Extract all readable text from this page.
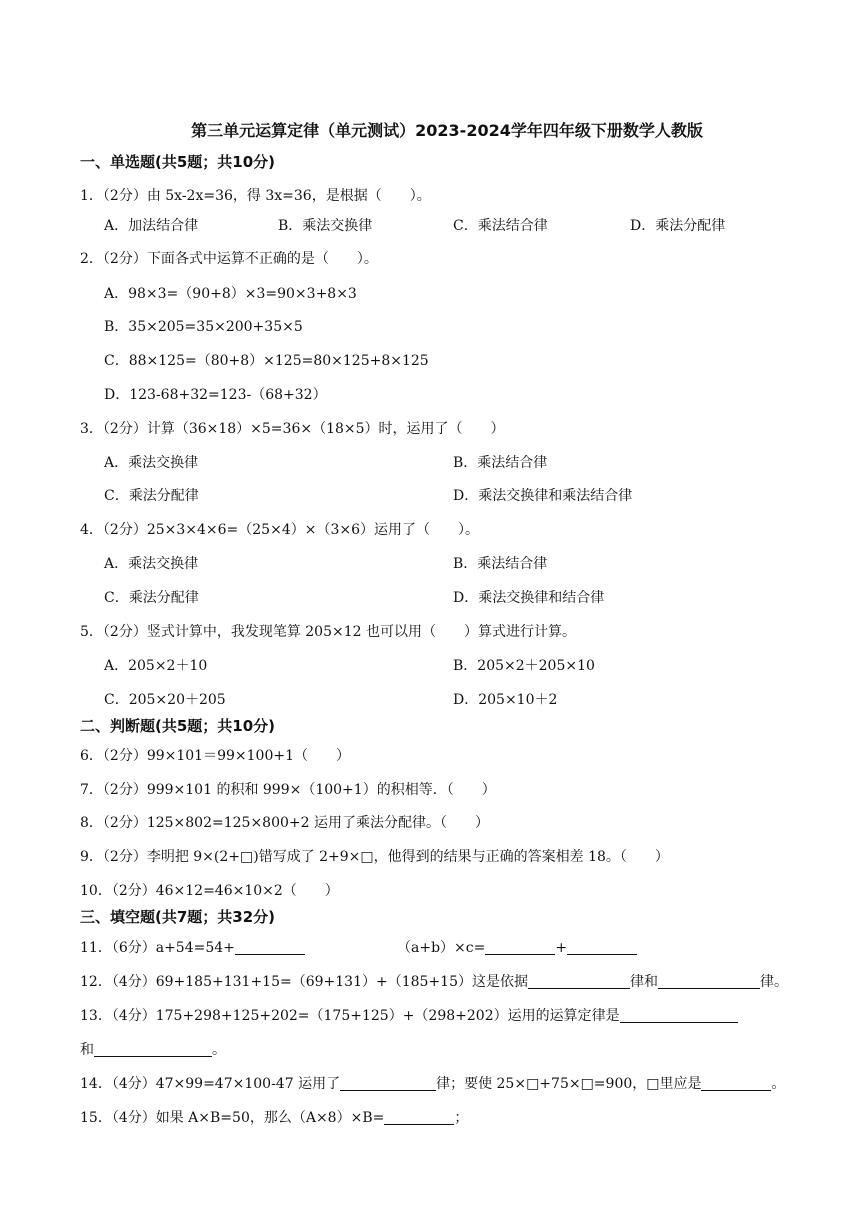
第三单元运算定律（单元测试）2023-2024学年四年级下册数学人教版
一、单选题(共5题；共10分)
1．（2分）由 5x-2x=36，得 3x=36，是根据（　　）。
A．加法结合律	B．乘法交换律	C．乘法结合律	D．乘法分配律
2．（2分）下面各式中运算不正确的是（　　）。
A．98×3=（90+8）×3=90×3+8×3
B．35×205=35×200+35×5
C．88×125=（80+8）×125=80×125+8×125
D．123-68+32=123-（68+32）
3．（2分）计算（36×18）×5=36×（18×5）时，运用了（　　）
A．乘法交换律	B．乘法结合律
C．乘法分配律	D．乘法交换律和乘法结合律
4．（2分）25×3×4×6=（25×4）×（3×6）运用了（　　）。
A．乘法交换律	B．乘法结合律
C．乘法分配律	D．乘法交换律和结合律
5．（2分）竖式计算中，我发现笔算 205×12 也可以用（　　）算式进行计算。
A．205×2＋10	B．205×2＋205×10
C．205×20＋205	D．205×10＋2
二、判断题(共5题；共10分)
6．（2分）99×101＝99×100+1（　　）
7．（2分）999×101 的积和 999×（100+1）的积相等．（　　）
8．（2分）125×802=125×800+2 运用了乘法分配律。（　　）
9．（2分）李明把 9×(2+□)错写成了 2+9×□，他得到的结果与正确的答案相差 18。（　　）
10．（2分）46×12=46×10×2（　　）
三、填空题(共7题；共32分)
11．（6分）a+54=54+	（a+b）×c=	+
12．（4分）69+185+131+15=（69+131）+（185+15）这是依据	律和	律。
13．（4分）175+298+125+202=（175+125）+（298+202）运用的运算定律是
和	。
14．（4分）47×99=47×100-47 运用了	律；要使 25×□+75×□=900，□里应是	。
15．（4分）如果 A×B=50，那么（A×8）×B=	；
